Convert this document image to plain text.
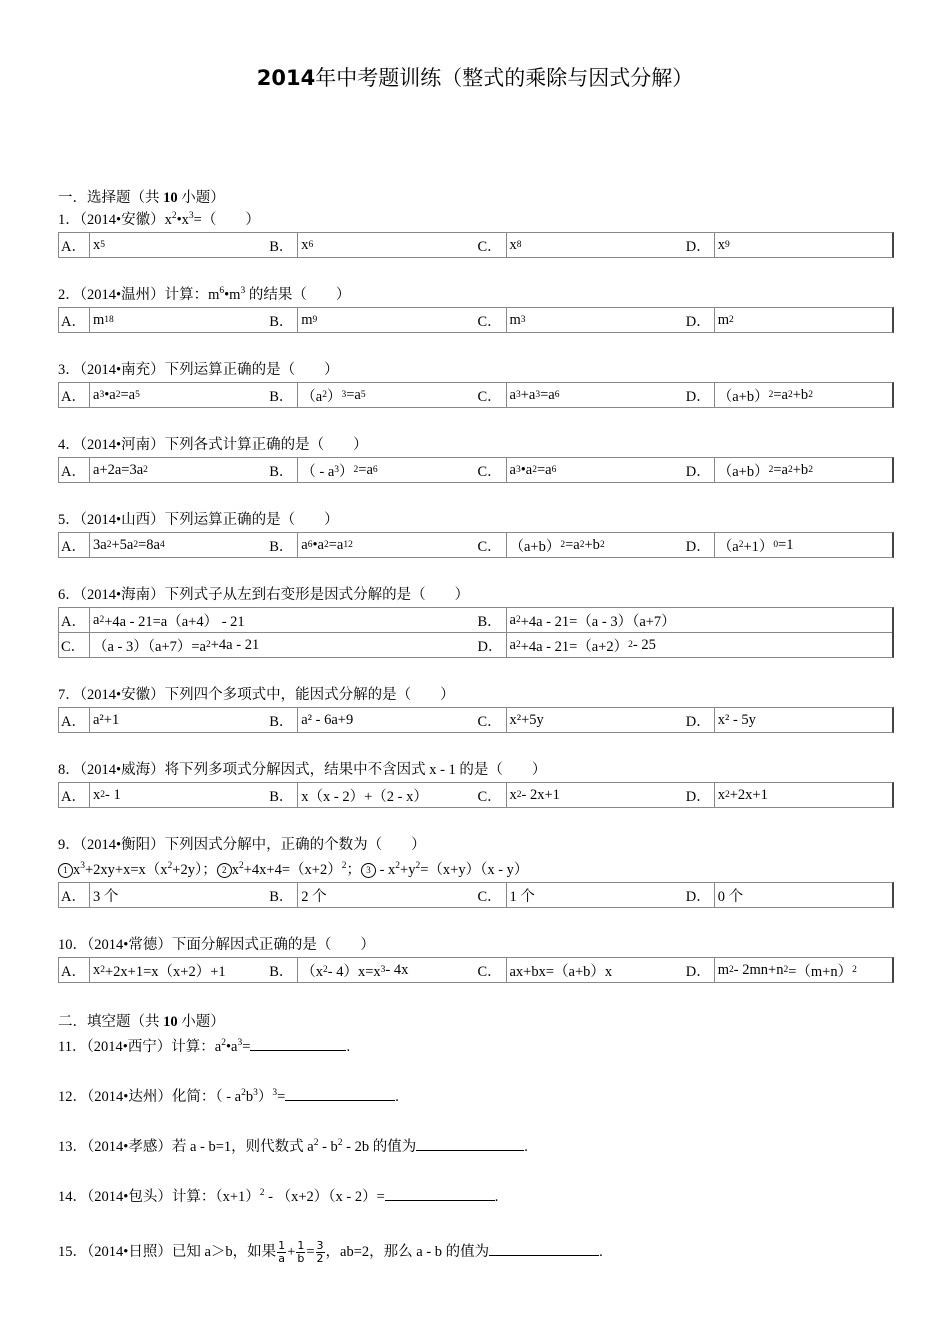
2014年中考题训练（整式的乘除与因式分解）
一．选择题（共 10 小题）
1．（2014•安徽）$x^2•x^3=$（　　）
A． x 5	B． x 6	C． x 8	D． x 9
2．（2014•温州）计算：$m^6•m^3$ 的结果（　　）
A． m 18	B． m 9	C． m 3	D． m 2
3．（2014•南充）下列运算正确的是（　　）
A． a 3 •a 2 =a 5	B． （a 2 ） 3 =a 5	C． a 3 +a 3 =a 6	D． （a+b） 2 =a 2 +b 2
4．（2014•河南）下列各式计算正确的是（　　）
A． a+2a=3a 2	B． （ - a 3 ） 2 =a 6	C． a 3 •a 2 =a 6	D． （a+b） 2 =a 2 +b 2
5．（2014•山西）下列运算正确的是（　　）
A． 3a 2 +5a 2 =8a 4	B． a 6 •a 2 =a 12	C． （a+b） 2 =a 2 +b 2	D． （a 2 +1） 0 =1
6．（2014•海南）下列式子从左到右变形是因式分解的是（　　）
A． a 2 +4a - 21=a（a+4） - 21	B． a 2 +4a - 21=（a - 3）（a+7）
C． （a - 3）（a+7）=a 2 +4a - 21	D． a 2 +4a - 21=（a+2） 2 - 25
7．（2014•安徽）下列四个多项式中，能因式分解的是（　　）
A． a²+1	B． a² - 6a+9	C． x²+5y	D． x² - 5y
8．（2014•威海）将下列多项式分解因式，结果中不含因式 x - 1 的是（　　）
A． x 2 - 1	B． x（x - 2）+（2 - x）	C． x 2 - 2x+1	D． x 2 +2x+1
9．（2014•衡阳）下列因式分解中，正确的个数为（　　）
1 $x^3+2xy+x=x(x^2+2y)$； 2 $x^2+4x+4=(x+2)^2$； $3 - x^2+y^2=(x+y)(x - y)$
A． 3 个	B． 2 个	C． 1 个	D． 0 个
10．（2014•常德）下面分解因式正确的是（　　）
A． x 2 +2x+1=x（x+2）+1	B． （x 2 - 4）x=x 3 - 4x	C． ax+bx=（a+b）x	D． m 2 - 2mn+n 2 =（m+n） 2
二．填空题（共 10 小题）
11．（2014•西宁）计算：$a^2•a^3=$	.
12．（2014•达州）化简：（ - $a^2b^3)^3=$	.
13．（2014•孝感）若 a - b=1，则代数式 $a^2 - b^2 - 2b$ 的值为	.
14．（2014•包头）计算：$(x+1)^2 - (x+2)(x - 2)=$	.
15．（2014•日照）已知 a＞b，如果 $\frac{1}{a} + \frac{1}{b} = \frac{3}{2}$ ，ab=2，那么 a - b 的值为	.
